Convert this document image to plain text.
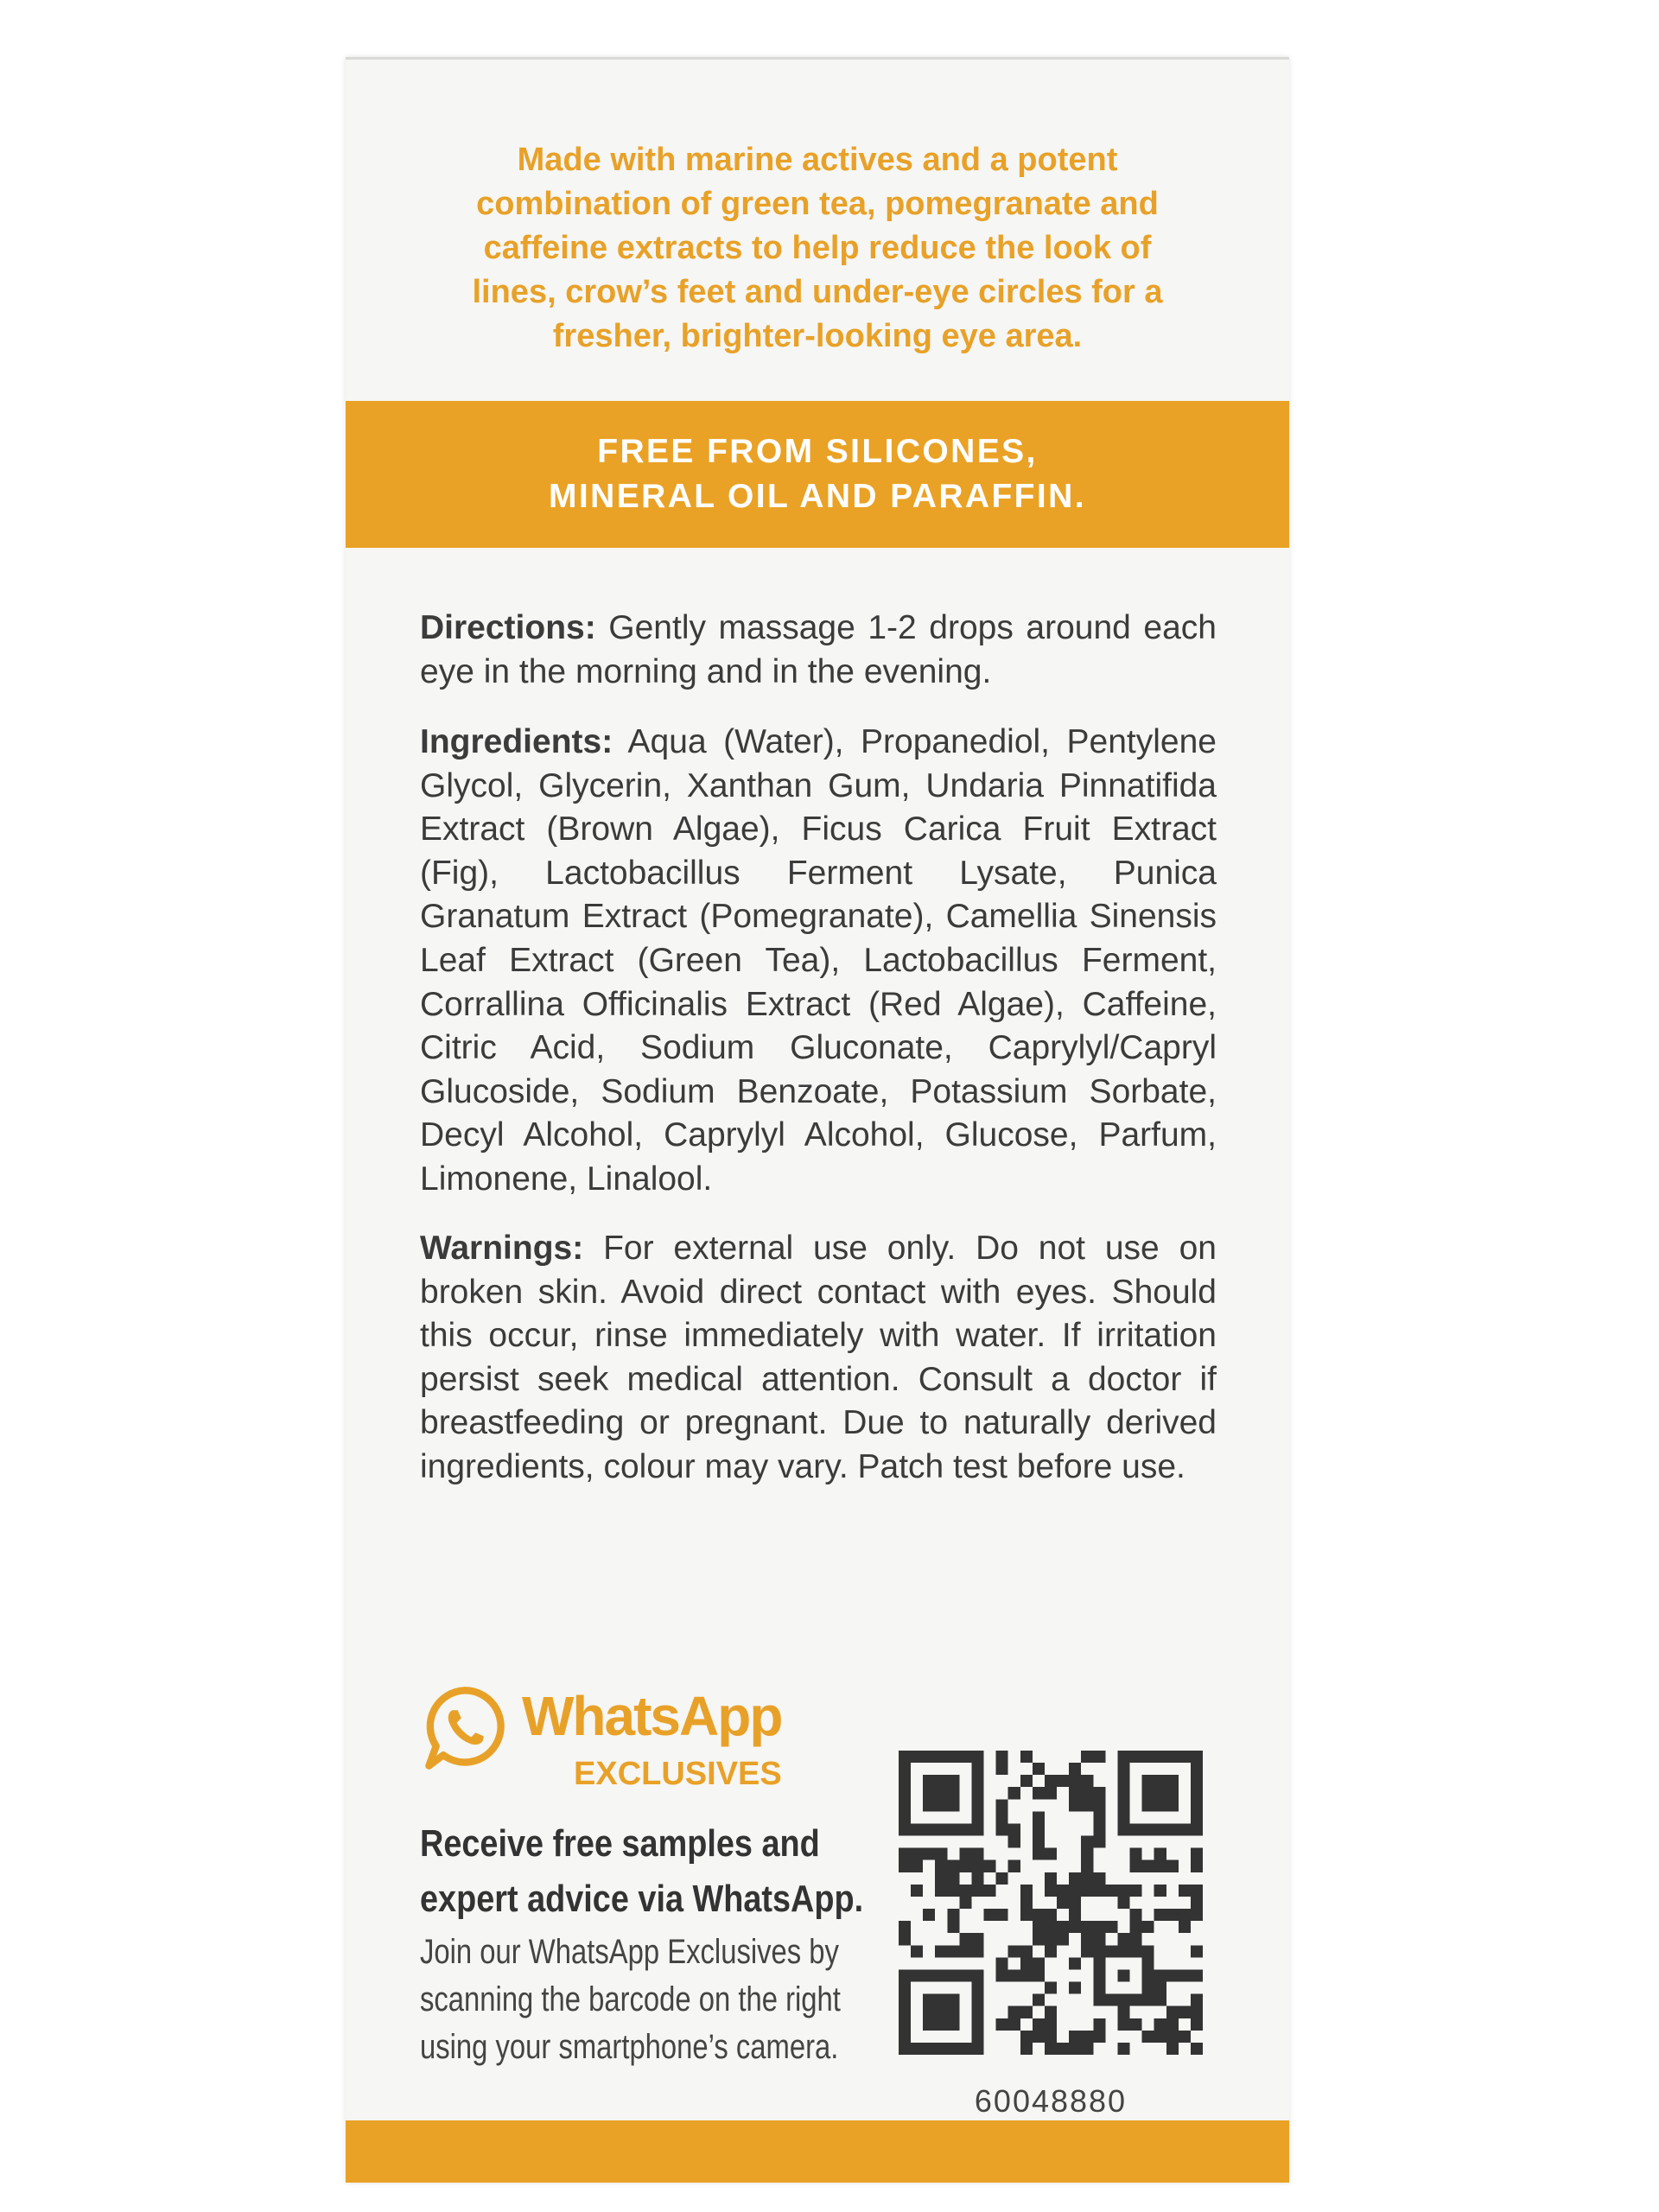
Made with marine actives and a potent
combination of green tea, pomegranate and
caffeine extracts to help reduce the look of
lines, crow’s feet and under-eye circles for a
fresher, brighter-looking eye area.
FREE FROM SILICONES,
MINERAL OIL AND PARAFFIN.
Directions: Gently massage 1-2 drops around each eye in the morning and in the evening.
Ingredients: Aqua (Water), Propanediol, Pentylene Glycol, Glycerin, Xanthan Gum, Undaria Pinnatifida Extract (Brown Algae), Ficus Carica Fruit Extract (Fig), Lactobacillus Ferment Lysate, Punica Granatum Extract (Pomegranate), Camellia Sinensis Leaf Extract (Green Tea), Lactobacillus Ferment, Corrallina Officinalis Extract (Red Algae), Caffeine, Citric Acid, Sodium Gluconate, Caprylyl/Capryl Glucoside, Sodium Benzoate, Potassium Sorbate, Decyl Alcohol, Caprylyl Alcohol, Glucose, Parfum, Limonene, Linalool.
Warnings: For external use only. Do not use on broken skin. Avoid direct contact with eyes. Should this occur, rinse immediately with water. If irritation persist seek medical attention. Consult a doctor if breastfeeding or pregnant. Due to naturally derived ingredients, colour may vary. Patch test before use.
WhatsApp
EXCLUSIVES
Receive free samples and
expert advice via WhatsApp.
Join our WhatsApp Exclusives by
scanning the barcode on the right
using your smartphone’s camera.
60048880
